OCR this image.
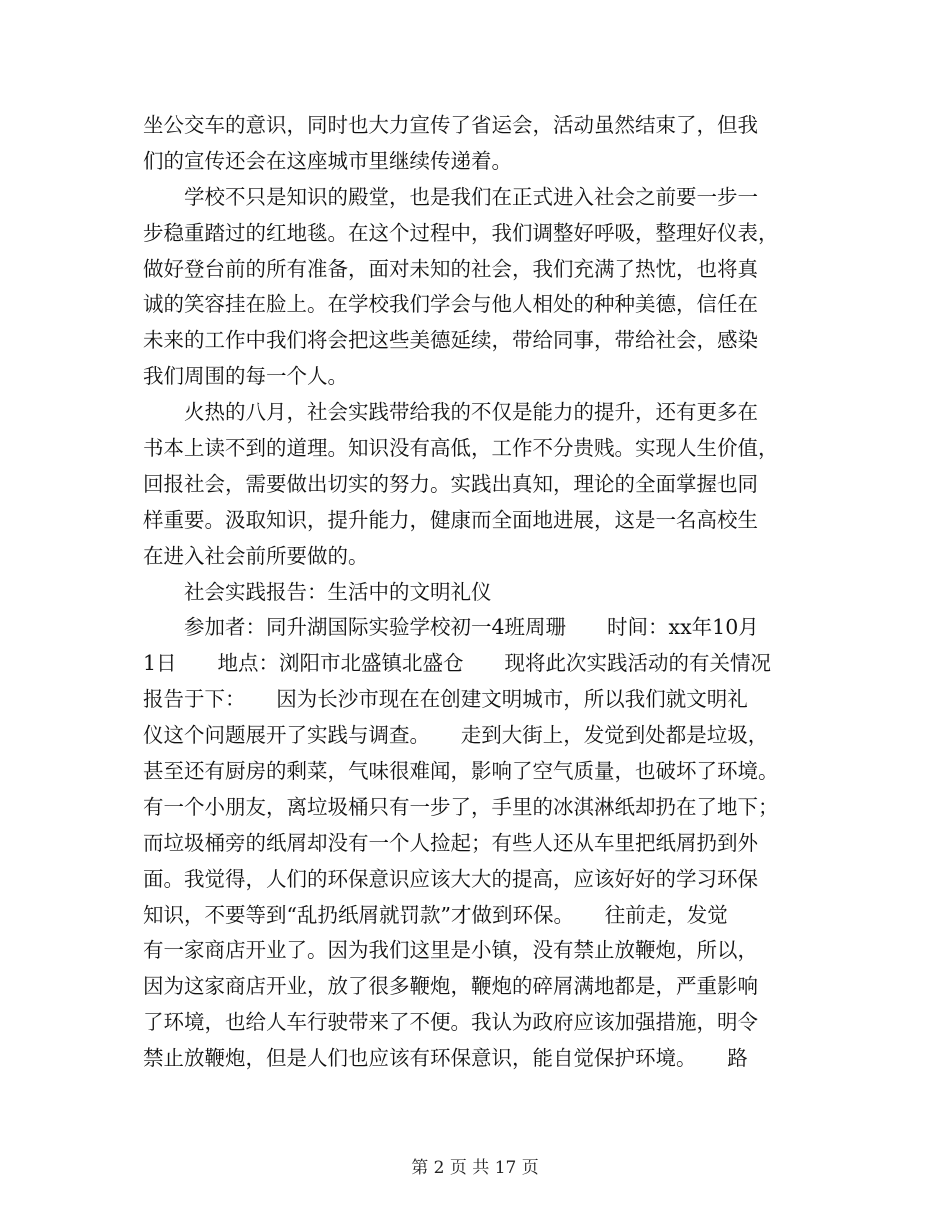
坐公交车的意识，同时也大力宣传了省运会，活动虽然结束了，但我
们的宣传还会在这座城市里继续传递着。
　　学校不只是知识的殿堂，也是我们在正式进入社会之前要一步一
步稳重踏过的红地毯。在这个过程中，我们调整好呼吸，整理好仪表，
做好登台前的所有准备，面对未知的社会，我们充满了热忱，也将真
诚的笑容挂在脸上。在学校我们学会与他人相处的种种美德，信任在
未来的工作中我们将会把这些美德延续，带给同事，带给社会，感染
我们周围的每一个人。
　　火热的八月，社会实践带给我的不仅是能力的提升，还有更多在
书本上读不到的道理。知识没有高低，工作不分贵贱。实现人生价值，
回报社会，需要做出切实的努力。实践出真知，理论的全面掌握也同
样重要。汲取知识，提升能力，健康而全面地进展，这是一名高校生
在进入社会前所要做的。
　　社会实践报告：生活中的文明礼仪
　　参加者：同升湖国际实验学校初一4班周珊　　时间：xx年10月
1日　　地点：浏阳市北盛镇北盛仓　　现将此次实践活动的有关情况
报告于下：　　因为长沙市现在在创建文明城市，所以我们就文明礼
仪这个问题展开了实践与调查。　　走到大街上，发觉到处都是垃圾，
甚至还有厨房的剩菜，气味很难闻，影响了空气质量，也破坏了环境。
有一个小朋友，离垃圾桶只有一步了，手里的冰淇淋纸却扔在了地下；
而垃圾桶旁的纸屑却没有一个人捡起；有些人还从车里把纸屑扔到外
面。我觉得，人们的环保意识应该大大的提高，应该好好的学习环保
知识，不要等到“乱扔纸屑就罚款”才做到环保。　　往前走，发觉
有一家商店开业了。因为我们这里是小镇，没有禁止放鞭炮，所以，
因为这家商店开业，放了很多鞭炮，鞭炮的碎屑满地都是，严重影响
了环境，也给人车行驶带来了不便。我认为政府应该加强措施，明令
禁止放鞭炮，但是人们也应该有环保意识，能自觉保护环境。　　路
第 2 页 共 17 页
